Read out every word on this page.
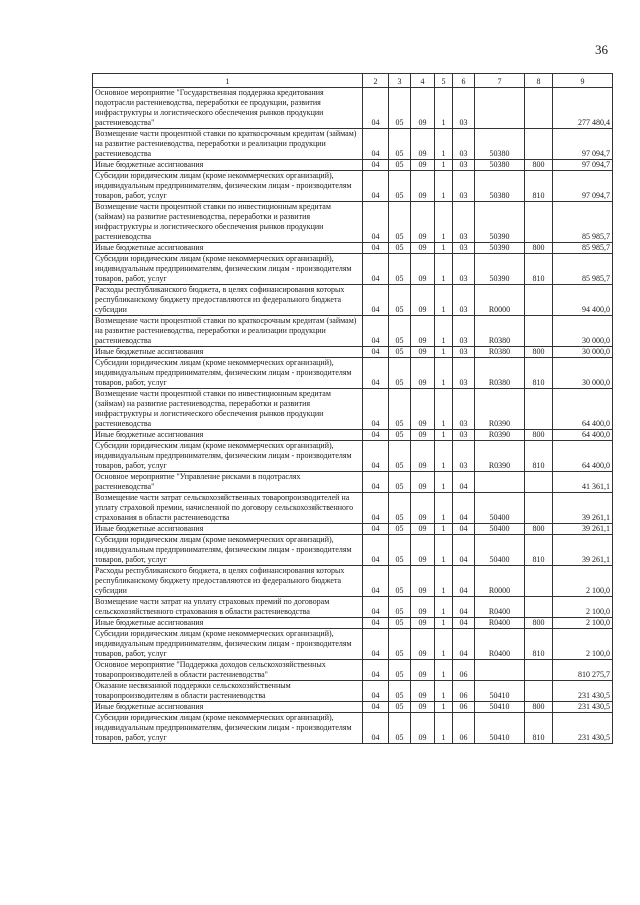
36
1	2	3	4	5	6	7	8	9
Основное мероприятие "Государственная поддержка кредитования подотрасли растениеводства, переработки ее продукции, развития инфраструктуры и логистического обеспечения рынков продукции растениеводства"	04	05	09	1	03			277 480,4
Возмещение части процентной ставки по краткосрочным кредитам (займам) на развитие растениеводства, переработки и реализации продукции растениеводства	04	05	09	1	03	50380		97 094,7
Иные бюджетные ассигнования	04	05	09	1	03	50380	800	97 094,7
Субсидии юридическим лицам (кроме некоммерческих организаций), индивидуальным предпринимателям, физическим лицам - производителям товаров, работ, услуг	04	05	09	1	03	50380	810	97 094,7
Возмещение части процентной ставки по инвестиционным кредитам (займам) на развитие растениеводства, переработки и развития инфраструктуры и логистического обеспечения рынков продукции растениеводства	04	05	09	1	03	50390		85 985,7
Иные бюджетные ассигнования	04	05	09	1	03	50390	800	85 985,7
Субсидии юридическим лицам (кроме некоммерческих организаций), индивидуальным предпринимателям, физическим лицам - производителям товаров, работ, услуг	04	05	09	1	03	50390	810	85 985,7
Расходы республиканского бюджета, в целях софинансирования которых республиканскому бюджету предоставляются из федерального бюджета субсидии	04	05	09	1	03	R0000		94 400,0
Возмещение части процентной ставки по краткосрочным кредитам (займам) на развитие растениеводства, переработки и реализации продукции растениеводства	04	05	09	1	03	R0380		30 000,0
Иные бюджетные ассигнования	04	05	09	1	03	R0380	800	30 000,0
Субсидии юридическим лицам (кроме некоммерческих организаций), индивидуальным предпринимателям, физическим лицам - производителям товаров, работ, услуг	04	05	09	1	03	R0380	810	30 000,0
Возмещение части процентной ставки по инвестиционным кредитам (займам) на развитие растениеводства, переработки и развития инфраструктуры и логистического обеспечения рынков продукции растениеводства	04	05	09	1	03	R0390		64 400,0
Иные бюджетные ассигнования	04	05	09	1	03	R0390	800	64 400,0
Субсидии юридическим лицам (кроме некоммерческих организаций), индивидуальным предпринимателям, физическим лицам - производителям товаров, работ, услуг	04	05	09	1	03	R0390	810	64 400,0
Основное мероприятие "Управление рисками в подотраслях растениеводства"	04	05	09	1	04			41 361,1
Возмещение части затрат сельскохозяйственных товаропроизводителей на уплату страховой премии, начисленной по договору сельскохозяйственного страхования в области растениеводства	04	05	09	1	04	50400		39 261,1
Иные бюджетные ассигнования	04	05	09	1	04	50400	800	39 261,1
Субсидии юридическим лицам (кроме некоммерческих организаций), индивидуальным предпринимателям, физическим лицам - производителям товаров, работ, услуг	04	05	09	1	04	50400	810	39 261,1
Расходы республиканского бюджета, в целях софинансирования которых республиканскому бюджету предоставляются из федерального бюджета субсидии	04	05	09	1	04	R0000		2 100,0
Возмещение части затрат на уплату страховых премий по договорам сельскохозяйственного страхования в области растениеводства	04	05	09	1	04	R0400		2 100,0
Иные бюджетные ассигнования	04	05	09	1	04	R0400	800	2 100,0
Субсидии юридическим лицам (кроме некоммерческих организаций), индивидуальным предпринимателям, физическим лицам - производителям товаров, работ, услуг	04	05	09	1	04	R0400	810	2 100,0
Основное мероприятие "Поддержка доходов сельскохозяйственных товаропроизводителей в области растениеводства"	04	05	09	1	06			810 275,7
Оказание несвязанной поддержки сельскохозяйственным товаропроизводителям в области растениеводства	04	05	09	1	06	50410		231 430,5
Иные бюджетные ассигнования	04	05	09	1	06	50410	800	231 430,5
Субсидии юридическим лицам (кроме некоммерческих организаций), индивидуальным предпринимателям, физическим лицам - производителям товаров, работ, услуг	04	05	09	1	06	50410	810	231 430,5
